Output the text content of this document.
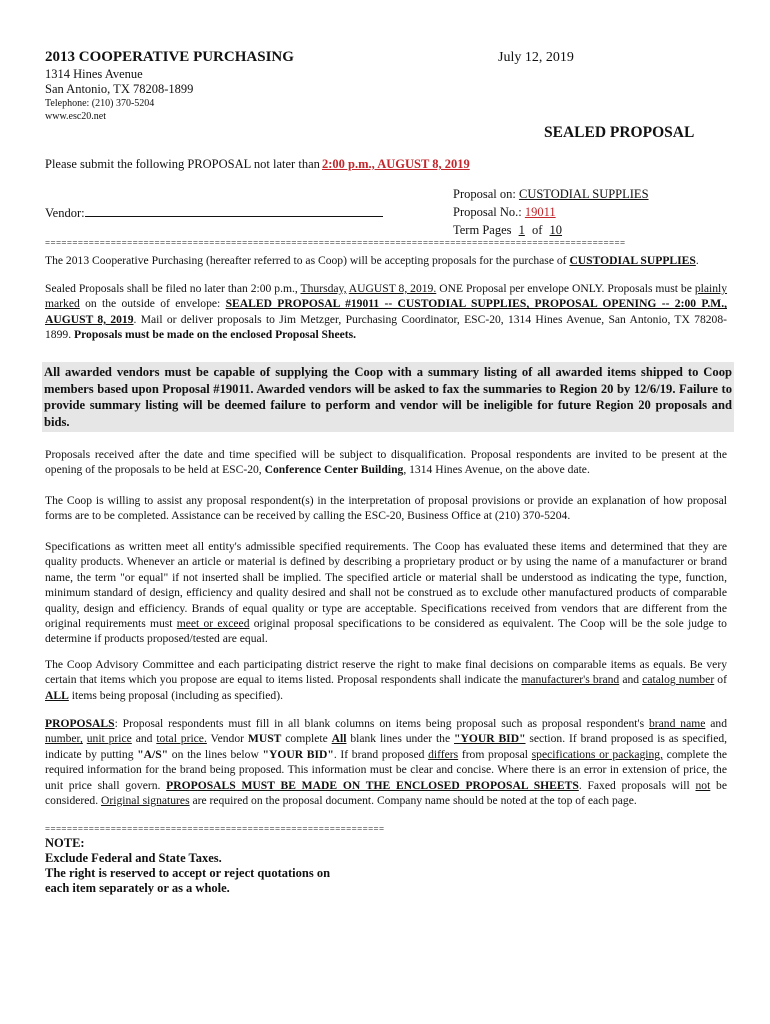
2013 COOPERATIVE PURCHASING	July 12, 2019
1314 Hines Avenue
San Antonio, TX 78208-1899
Telephone: (210) 370-5204
www.esc20.net
SEALED PROPOSAL
Please submit the following PROPOSAL not later than 2:00 p.m., AUGUST 8, 2019
Proposal on: CUSTODIAL SUPPLIES
Vendor:	Proposal No.: 19011
Term Pages 1 of 10
==========================================================================================================
The 2013 Cooperative Purchasing (hereafter referred to as Coop) will be accepting proposals for the purchase of CUSTODIAL SUPPLIES.
Sealed Proposals shall be filed no later than 2:00 p.m., Thursday, AUGUST 8, 2019. ONE Proposal per envelope ONLY. Proposals must be plainly marked on the outside of envelope: SEALED PROPOSAL #19011 -- CUSTODIAL SUPPLIES, PROPOSAL OPENING -- 2:00 P.M., AUGUST 8, 2019. Mail or deliver proposals to Jim Metzger, Purchasing Coordinator, ESC-20, 1314 Hines Avenue, San Antonio, TX 78208-1899. Proposals must be made on the enclosed Proposal Sheets.
All awarded vendors must be capable of supplying the Coop with a summary listing of all awarded items shipped to Coop members based upon Proposal #19011. Awarded vendors will be asked to fax the summaries to Region 20 by 12/6/19. Failure to provide summary listing will be deemed failure to perform and vendor will be ineligible for future Region 20 proposals and bids.
Proposals received after the date and time specified will be subject to disqualification. Proposal respondents are invited to be present at the opening of the proposals to be held at ESC-20, Conference Center Building, 1314 Hines Avenue, on the above date.
The Coop is willing to assist any proposal respondent(s) in the interpretation of proposal provisions or provide an explanation of how proposal forms are to be completed. Assistance can be received by calling the ESC-20, Business Office at (210) 370-5204.
Specifications as written meet all entity's admissible specified requirements. The Coop has evaluated these items and determined that they are quality products. Whenever an article or material is defined by describing a proprietary product or by using the name of a manufacturer or brand name, the term "or equal" if not inserted shall be implied. The specified article or material shall be understood as indicating the type, function, minimum standard of design, efficiency and quality desired and shall not be construed as to exclude other manufactured products of comparable quality, design and efficiency. Brands of equal quality or type are acceptable. Specifications received from vendors that are different from the original requirements must meet or exceed original proposal specifications to be considered as equivalent. The Coop will be the sole judge to determine if products proposed/tested are equal.
The Coop Advisory Committee and each participating district reserve the right to make final decisions on comparable items as equals. Be very certain that items which you propose are equal to items listed. Proposal respondents shall indicate the manufacturer's brand and catalog number of ALL items being proposal (including as specified).
PROPOSALS: Proposal respondents must fill in all blank columns on items being proposal such as proposal respondent's brand name and number, unit price and total price. Vendor MUST complete All blank lines under the "YOUR BID" section. If brand proposed is as specified, indicate by putting "A/S" on the lines below "YOUR BID". If brand proposed differs from proposal specifications or packaging, complete the required information for the brand being proposed. This information must be clear and concise. Where there is an error in extension of price, the unit price shall govern. PROPOSALS MUST BE MADE ON THE ENCLOSED PROPOSAL SHEETS. Faxed proposals will not be considered. Original signatures are required on the proposal document. Company name should be noted at the top of each page.
==============================================================
NOTE:
Exclude Federal and State Taxes.
The right is reserved to accept or reject quotations on
each item separately or as a whole.
